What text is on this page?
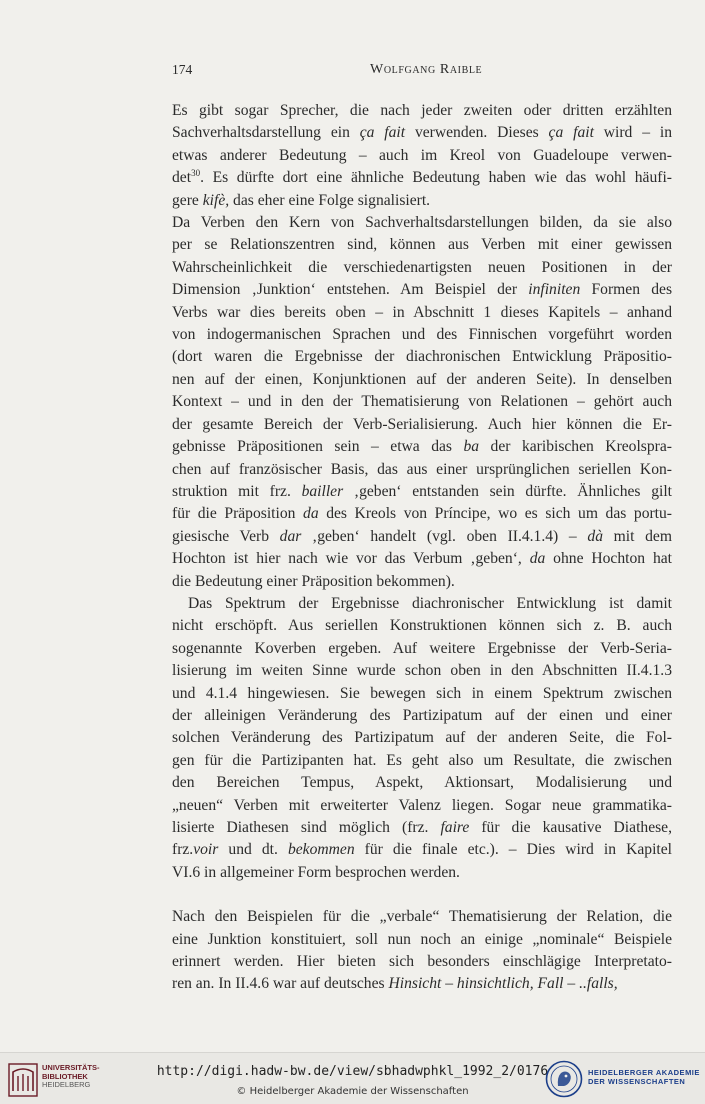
174	Wolfgang Raible

Es gibt sogar Sprecher, die nach jeder zweiten oder dritten erzählten
Sachverhaltsdarstellung ein ça fait verwenden. Dieses ça fait wird – in
etwas anderer Bedeutung – auch im Kreol von Guadeloupe verwen-
$\det^{30}$. Es dürfte dort eine ähnliche Bedeutung haben wie das wohl häufi-
gere kifè, das eher eine Folge signalisiert.

Da Verben den Kern von Sachverhaltsdarstellungen bilden, da sie also
per se Relationszentren sind, können aus Verben mit einer gewissen
Wahrscheinlichkeit die verschiedenartigsten neuen Positionen in der
Dimension ‚Junktion‘ entstehen. Am Beispiel der infiniten Formen des
Verbs war dies bereits oben – in Abschnitt 1 dieses Kapitels – anhand
von indogermanischen Sprachen und des Finnischen vorgeführt worden
(dort waren die Ergebnisse der diachronischen Entwicklung Präpositio-
nen auf der einen, Konjunktionen auf der anderen Seite). In denselben
Kontext – und in den der Thematisierung von Relationen – gehört auch
der gesamte Bereich der Verb-Serialisierung. Auch hier können die Er-
gebnisse Präpositionen sein – etwa das ba der karibischen Kreolspra-
chen auf französischer Basis, das aus einer ursprünglichen seriellen Kon-
struktion mit frz. bailler ‚geben‘ entstanden sein dürfte. Ähnliches gilt
für die Präposition da des Kreols von Príncipe, wo es sich um das portu-
giesische Verb dar ‚geben‘ handelt (vgl. oben II.4.1.4) – dà mit dem
Hochton ist hier nach wie vor das Verbum ‚geben‘, da ohne Hochton hat
die Bedeutung einer Präposition bekommen).

Das Spektrum der Ergebnisse diachronischer Entwicklung ist damit
nicht erschöpft. Aus seriellen Konstruktionen können sich z. B. auch
sogenannte Koverben ergeben. Auf weitere Ergebnisse der Verb-Seria-
lisierung im weiten Sinne wurde schon oben in den Abschnitten II.4.1.3
und 4.1.4 hingewiesen. Sie bewegen sich in einem Spektrum zwischen
der alleinigen Veränderung des Partizipatum auf der einen und einer
solchen Veränderung des Partizipatum auf der anderen Seite, die Fol-
gen für die Partizipanten hat. Es geht also um Resultate, die zwischen
den Bereichen Tempus, Aspekt, Aktionsart, Modalisierung und
„neuen“ Verben mit erweiterter Valenz liegen. Sogar neue grammatika-
lisierte Diathesen sind möglich (frz. faire für die kausative Diathese,
frz.voir und dt. bekommen für die finale etc.). – Dies wird in Kapitel
VI.6 in allgemeiner Form besprochen werden.

Nach den Beispielen für die „verbale“ Thematisierung der Relation, die
eine Junktion konstituiert, soll nun noch an einige „nominale“ Beispiele
erinnert werden. Hier bieten sich besonders einschlägige Interpretato-
ren an. In II.4.6 war auf deutsches Hinsicht – hinsichtlich, Fall – ..falls,

UNIVERSITÄTS-
BIBLIOTHEK
HEIDELBERG
http://digi.hadw-bw.de/view/sbhadwphkl_1992_2/0176
© Heidelberger Akademie der Wissenschaften
HEIDELBERGER AKADEMIE
DER WISSENSCHAFTEN
